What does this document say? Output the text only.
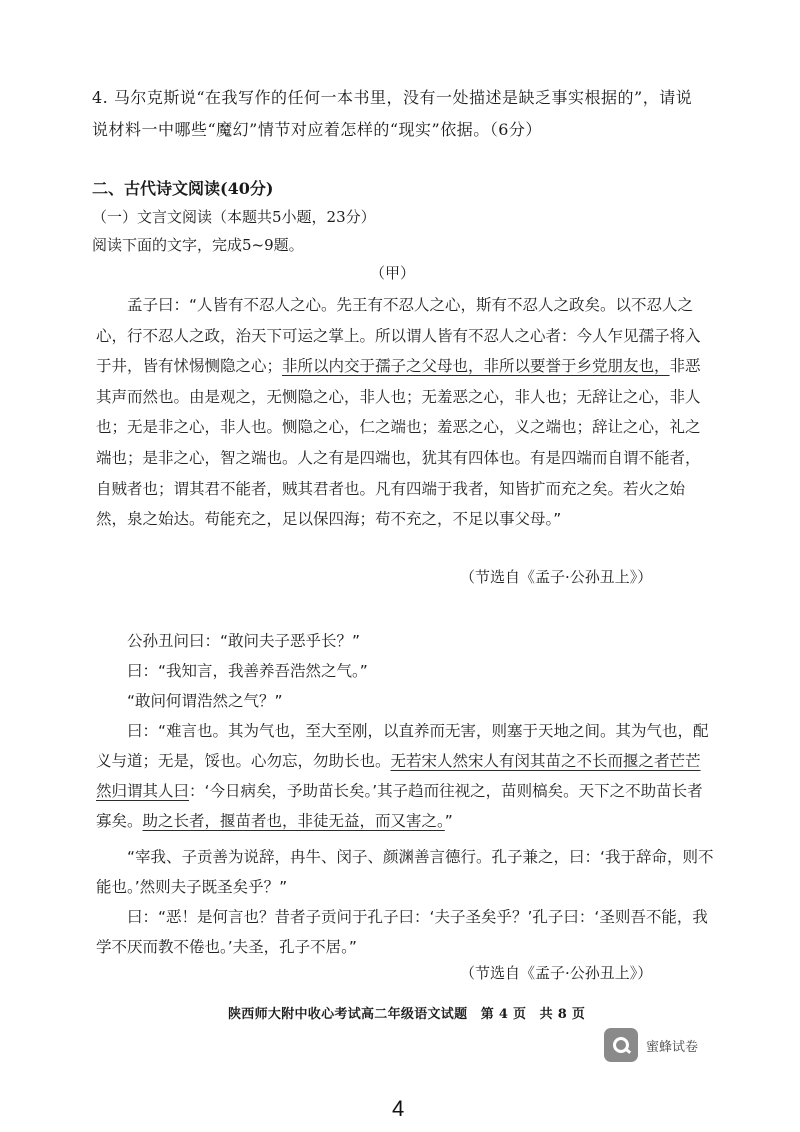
4. 马尔克斯说“在我写作的任何一本书里，没有一处描述是缺乏事实根据的”，请说
说材料一中哪些“魔幻”情节对应着怎样的“现实”依据。（6分）
二、古代诗文阅读(40分)
（一）文言文阅读（本题共5小题，23分）
阅读下面的文字，完成5~9题。
（甲）
孟子曰：“人皆有不忍人之心。先王有不忍人之心，斯有不忍人之政矣。以不忍人之心，行不忍人之政，治天下可运之掌上。所以谓人皆有不忍人之心者：今人乍见孺子将入于井，皆有怵惕恻隐之心；非所以内交于孺子之父母也，非所以要誉于乡党朋友也，非恶其声而然也。由是观之，无恻隐之心，非人也；无羞恶之心，非人也；无辞让之心，非人也；无是非之心，非人也。恻隐之心，仁之端也；羞恶之心，义之端也；辞让之心，礼之端也；是非之心，智之端也。人之有是四端也，犹其有四体也。有是四端而自谓不能者，自贼者也；谓其君不能者，贼其君者也。凡有四端于我者，知皆扩而充之矣。若火之始然，泉之始达。苟能充之，足以保四海；苟不充之，不足以事父母。”
（节选自《孟子·公孙丑上》）
公孙丑问曰：“敢问夫子恶乎长？”
曰：“我知言，我善养吾浩然之气。”
“敢问何谓浩然之气？”
曰：“难言也。其为气也，至大至刚，以直养而无害，则塞于天地之间。其为气也，配义与道；无是，馁也。心勿忘，勿助长也。无若宋人然宋人有闵其苗之不长而揠之者芒芒然归谓其人曰：‘今日病矣，予助苗长矣。’其子趋而往视之，苗则槁矣。天下之不助苗长者寡矣。助之长者，揠苗者也，非徒无益，而又害之。”
“宰我、子贡善为说辞，冉牛、闵子、颜渊善言德行。孔子兼之，曰：‘我于辞命，则不能也。’然则夫子既圣矣乎？”
曰：“恶！是何言也？昔者子贡问于孔子曰：‘夫子圣矣乎？’孔子曰：‘圣则吾不能，我学不厌而教不倦也。’夫圣，孔子不居。”
（节选自《孟子·公孙丑上》）
陕西师大附中收心考试高二年级语文试题　第 4 页　共 8 页
蜜蜂试卷
4
